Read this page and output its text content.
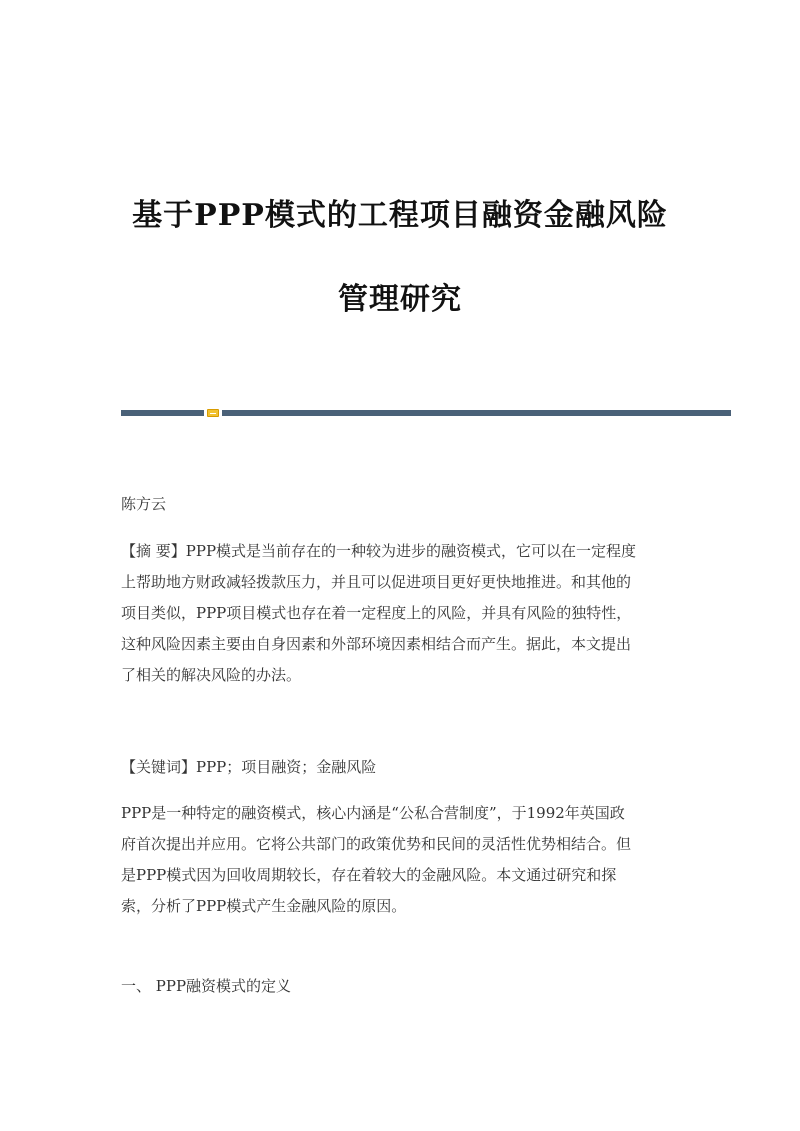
基于PPP模式的工程项目融资金融风险
管理研究
陈方云
【摘 要】PPP模式是当前存在的一种较为进步的融资模式，它可以在一定程度
上帮助地方财政减轻拨款压力，并且可以促进项目更好更快地推进。和其他的
项目类似，PPP项目模式也存在着一定程度上的风险，并具有风险的独特性，
这种风险因素主要由自身因素和外部环境因素相结合而产生。据此，本文提出
了相关的解决风险的办法。
【关键词】PPP；项目融资；金融风险
PPP是一种特定的融资模式，核心内涵是“公私合营制度”，于1992年英国政
府首次提出并应用。它将公共部门的政策优势和民间的灵活性优势相结合。但
是PPP模式因为回收周期较长，存在着较大的金融风险。本文通过研究和探
索，分析了PPP模式产生金融风险的原因。
一、 PPP融资模式的定义
